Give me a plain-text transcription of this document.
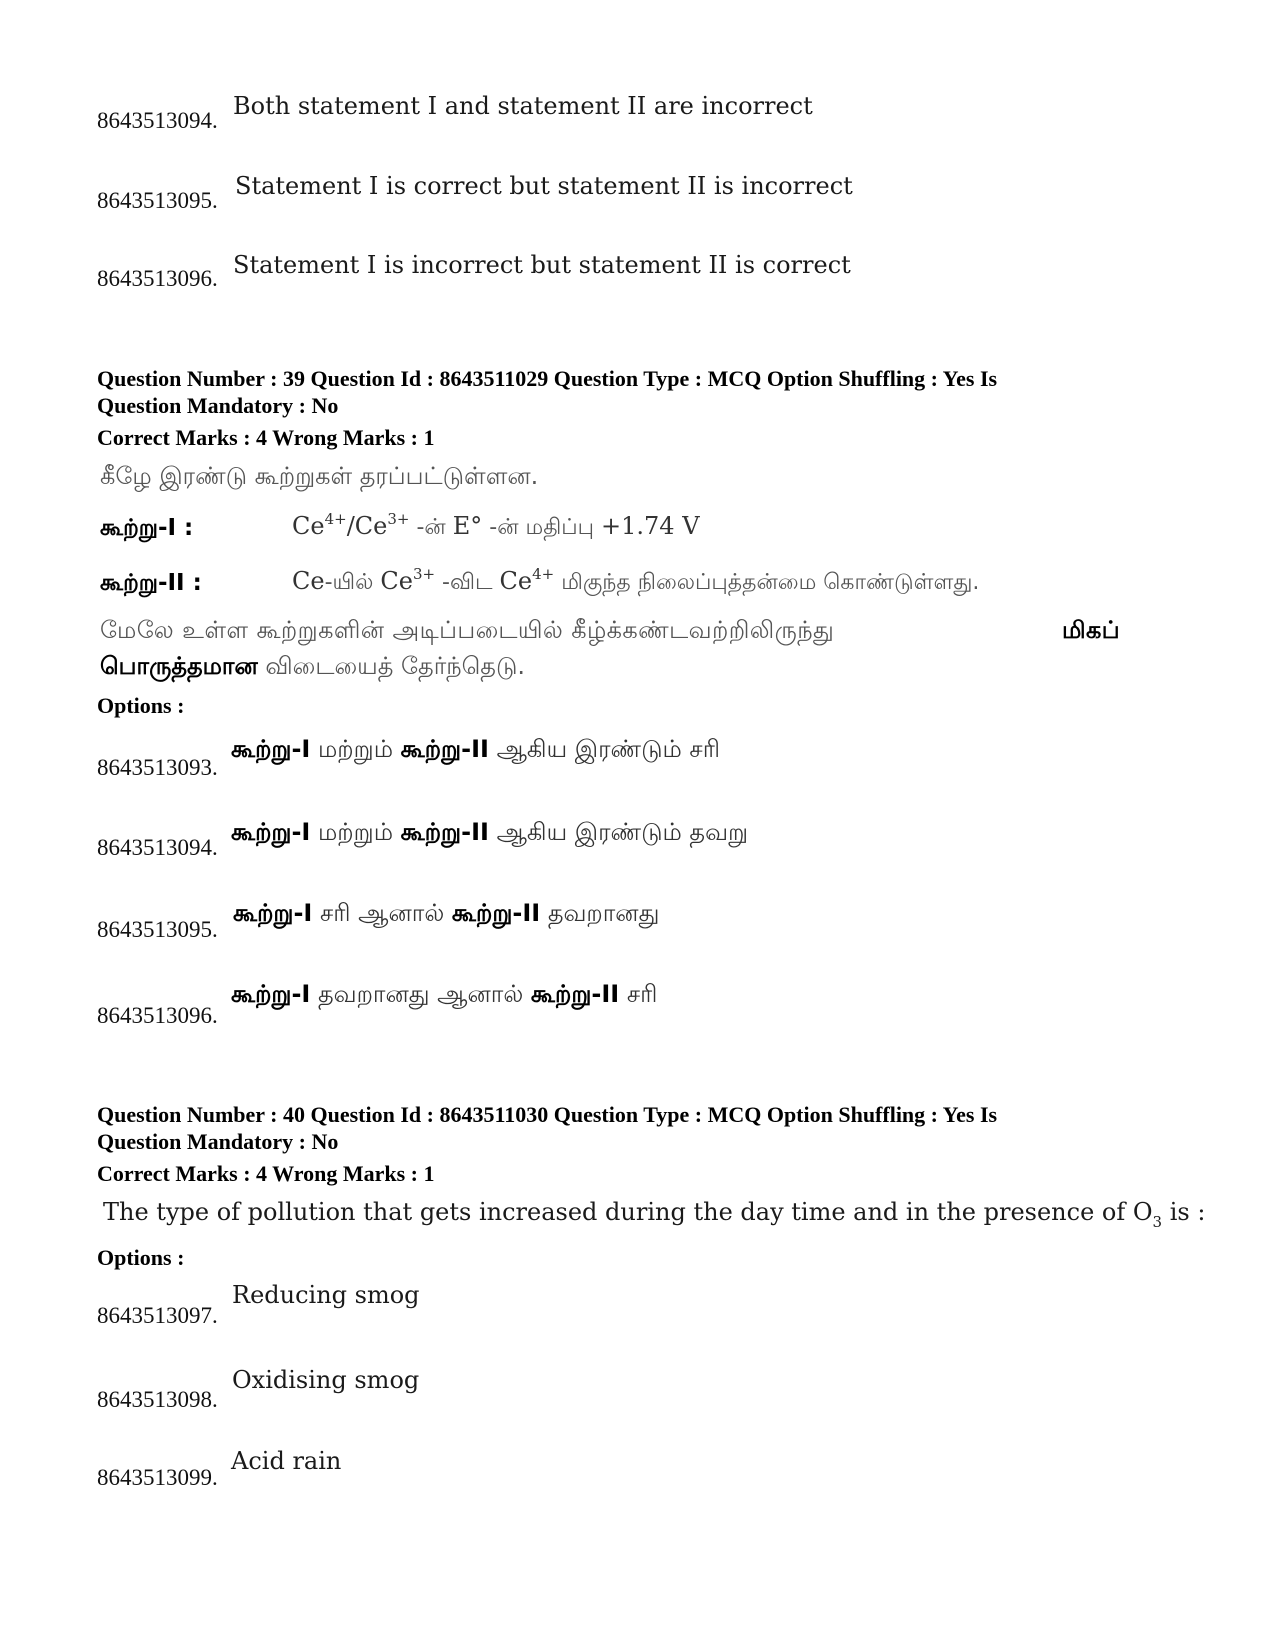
8643513094.
Both statement I and statement II are incorrect
8643513095.
Statement I is correct but statement II is incorrect
8643513096. Statement I is incorrect but statement II is correct
Question Number : 39 Question Id : 8643511029 Question Type : MCQ Option Shuffling : Yes Is
Question Mandatory : No
Correct Marks : 4 Wrong Marks : 1
கீழே இரண்டு கூற்றுகள் தரப்பட்டுள்ளன.
கூற்று-I :	$Ce^{4+}/Ce^{3+}$ -ன் E° -ன் மதிப்பு +1.74 V
கூற்று-II :	Ce-யில் $Ce^{3+}$ -விட $Ce^{4+}$ மிகுந்த நிலைப்புத்தன்மை கொண்டுள்ளது.
மேலே உள்ள கூற்றுகளின் அடிப்படையில் கீழ்க்கண்டவற்றிலிருந்து	மிகப்
பொருத்தமான விடையைத் தேர்ந்தெடு.
Options :
8643513093.
கூற்று-I மற்றும் கூற்று-II ஆகிய இரண்டும் சரி
8643513094.
கூற்று-I மற்றும் கூற்று-II ஆகிய இரண்டும் தவறு
8643513095.
கூற்று-I சரி ஆனால் கூற்று-II தவறானது
8643513096.
கூற்று-I தவறானது ஆனால் கூற்று-II சரி
Question Number : 40 Question Id : 8643511030 Question Type : MCQ Option Shuffling : Yes Is
Question Mandatory : No
Correct Marks : 4 Wrong Marks : 1
The type of pollution that gets increased during the day time and in the presence of $O_3$ is :
Options :
8643513097.
Reducing smog
8643513098.
Oxidising smog
8643513099.
Acid rain
